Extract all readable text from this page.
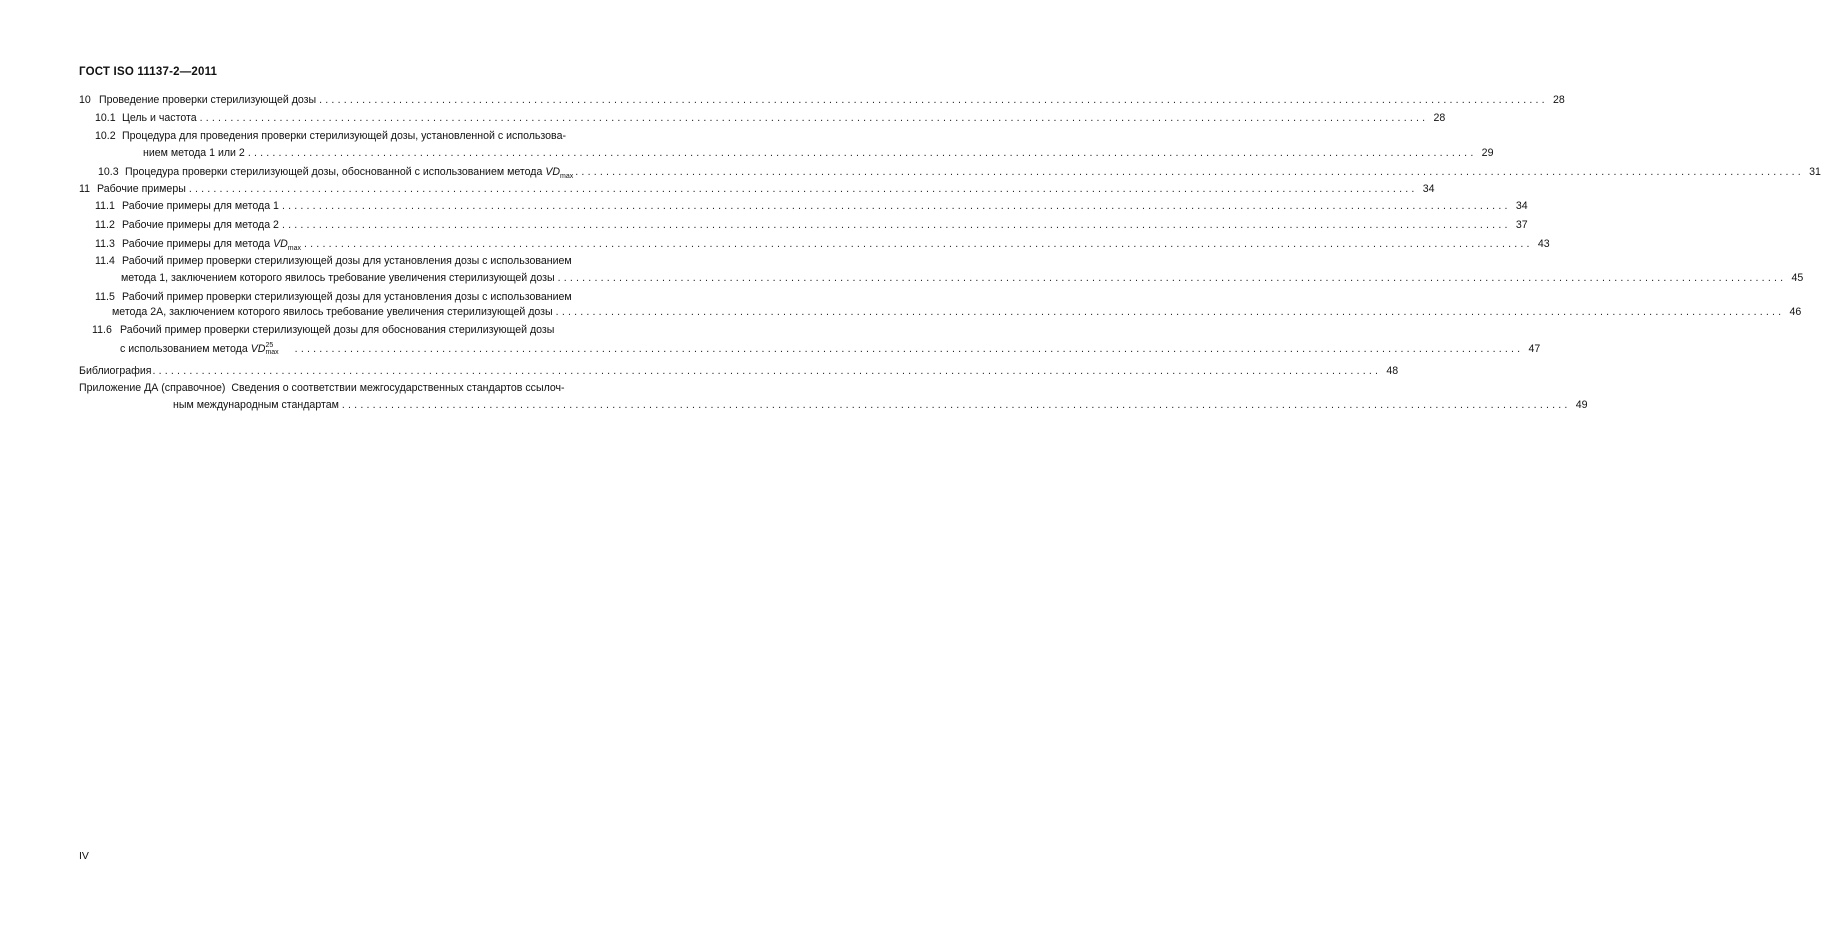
ГОСТ ISO 11137-2—2011
10 Проведение проверки стерилизующей дозы ........................................................................................................................................................................................................ 28
10.1 Цель и частота ........................................................................................................................................................................................................ 28
10.2 Процедура для проведения проверки стерилизующей дозы, установленной с использова-
нием метода 1 или 2 ........................................................................................................................................................................................................ 29
10.3 Процедура проверки стерилизующей дозы, обоснованной с использованием метода $VD_{max}$ ........................................................................................................................................................................................................ 31
11 Рабочие примеры ........................................................................................................................................................................................................ 34
11.1 Рабочие примеры для метода 1 ........................................................................................................................................................................................................ 34
11.2 Рабочие примеры для метода 2 ........................................................................................................................................................................................................ 37
11.3 Рабочие примеры для метода $VD_{max}$ ........................................................................................................................................................................................................ 43
11.4 Рабочий пример проверки стерилизующей дозы для установления дозы с использованием
метода 1, заключением которого явилось требование увеличения стерилизующей дозы ........................................................................................................................................................................................................ 45
11.5 Рабочий пример проверки стерилизующей дозы для установления дозы с использованием
метода 2А, заключением которого явилось требование увеличения стерилизующей дозы ........................................................................................................................................................................................................ 46
11.6 Рабочий пример проверки стерилизующей дозы для обоснования стерилизующей дозы
с использованием метода VD 25
max ........................................................................................................................................................................................................ 47
Библиография ........................................................................................................................................................................................................ 48
Приложение ДА (справочное) Сведения о соответствии межгосударственных стандартов ссылоч-
ным международным стандартам ........................................................................................................................................................................................................ 49
IV
